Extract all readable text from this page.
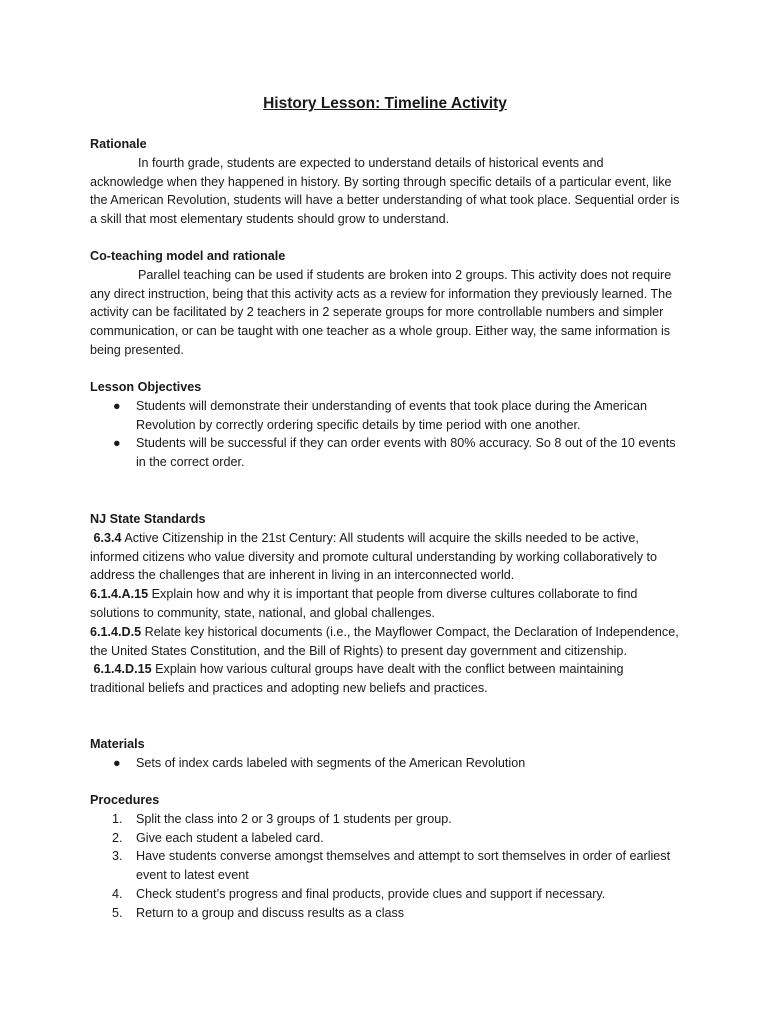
History Lesson: Timeline Activity

Rationale

In fourth grade, students are expected to understand details of historical events and acknowledge when they happened in history. By sorting through specific details of a particular event, like the American Revolution, students will have a better understanding of what took place. Sequential order is a skill that most elementary students should grow to understand.

Co-teaching model and rationale

Parallel teaching can be used if students are broken into 2 groups. This activity does not require any direct instruction, being that this activity acts as a review for information they previously learned. The activity can be facilitated by 2 teachers in 2 seperate groups for more controllable numbers and simpler communication, or can be taught with one teacher as a whole group. Either way, the same information is being presented.

Lesson Objectives

● Students will demonstrate their understanding of events that took place during the American Revolution by correctly ordering specific details by time period with one another.
● Students will be successful if they can order events with 80% accuracy. So 8 out of the 10 events in the correct order.

NJ State Standards

6.3.4 Active Citizenship in the 21st Century: All students will acquire the skills needed to be active, informed citizens who value diversity and promote cultural understanding by working collaboratively to address the challenges that are inherent in living in an interconnected world.

6.1.4.A.15 Explain how and why it is important that people from diverse cultures collaborate to find solutions to community, state, national, and global challenges.

6.1.4.D.5 Relate key historical documents (i.e., the Mayflower Compact, the Declaration of Independence, the United States Constitution, and the Bill of Rights) to present day government and citizenship.

6.1.4.D.15 Explain how various cultural groups have dealt with the conflict between maintaining traditional beliefs and practices and adopting new beliefs and practices.

Materials

● Sets of index cards labeled with segments of the American Revolution

Procedures

1. Split the class into 2 or 3 groups of 1 students per group.
2. Give each student a labeled card.
3. Have students converse amongst themselves and attempt to sort themselves in order of earliest event to latest event
4. Check student’s progress and final products, provide clues and support if necessary.
5. Return to a group and discuss results as a class
